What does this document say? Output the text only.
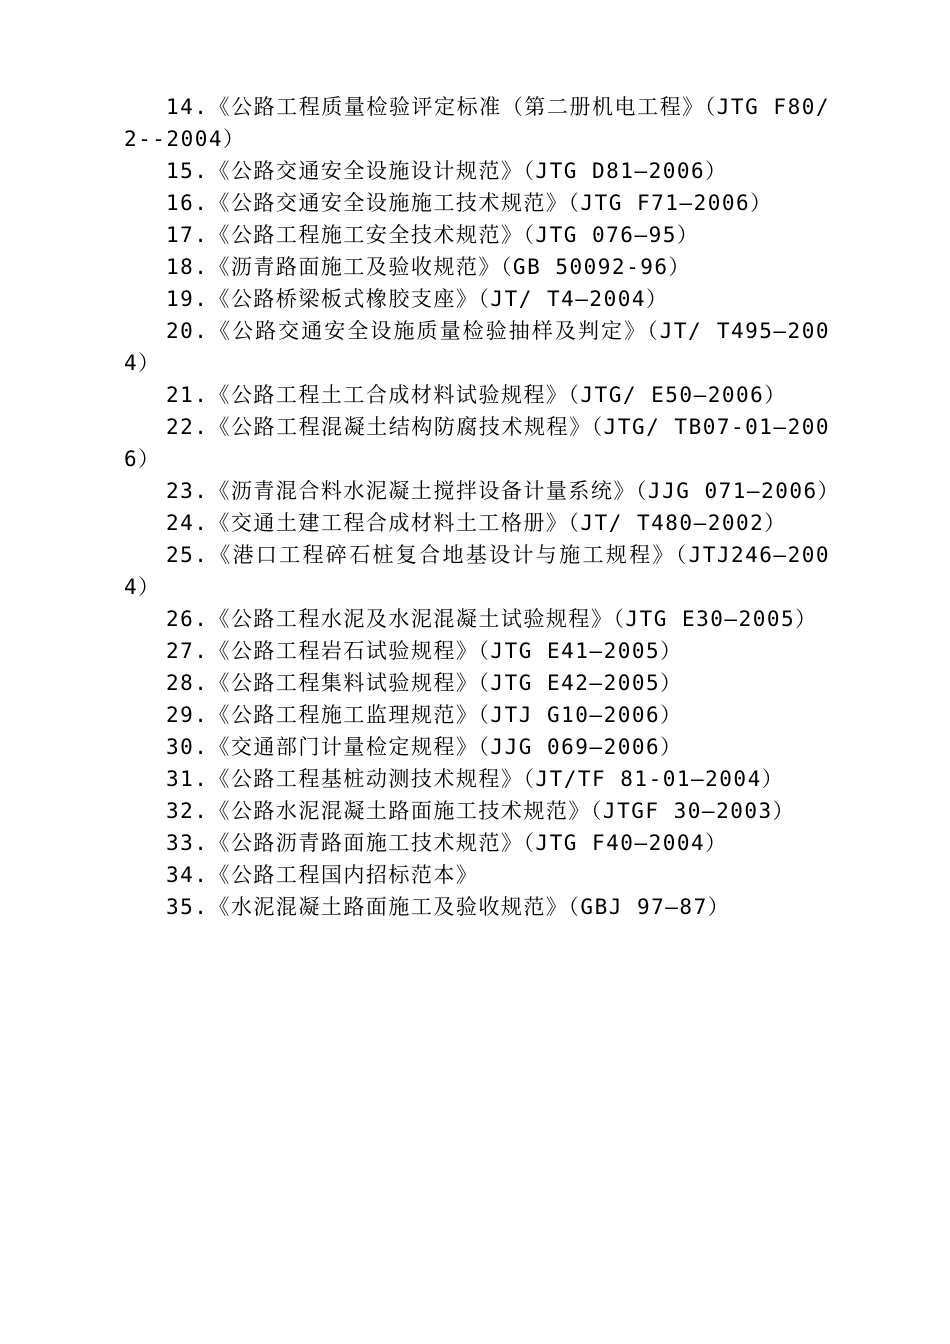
14.《公路工程质量检验评定标准（第二册机电工程》（JTG F80/2--2004）

15.《公路交通安全设施设计规范》（JTG D81—2006）

16.《公路交通安全设施施工技术规范》（JTG F71—2006）

17.《公路工程施工安全技术规范》（JTG 076—95）

18.《沥青路面施工及验收规范》（GB 50092-96）

19.《公路桥梁板式橡胶支座》（JT/ T4—2004）

20.《公路交通安全设施质量检验抽样及判定》（JT/ T495—2004）

21.《公路工程土工合成材料试验规程》（JTG/ E50—2006）

22.《公路工程混凝土结构防腐技术规程》（JTG/ TB07-01—2006）

23.《沥青混合料水泥凝土搅拌设备计量系统》（JJG 071—2006）

24.《交通土建工程合成材料土工格册》（JT/ T480—2002）

25.《港口工程碎石桩复合地基设计与施工规程》（JTJ246—2004）

26.《公路工程水泥及水泥混凝土试验规程》（JTG E30—2005）

27.《公路工程岩石试验规程》（JTG E41—2005）

28.《公路工程集料试验规程》（JTG E42—2005）

29.《公路工程施工监理规范》（JTJ G10—2006）

30.《交通部门计量检定规程》（JJG 069—2006）

31.《公路工程基桩动测技术规程》（JT/TF 81-01—2004）

32.《公路水泥混凝土路面施工技术规范》（JTGF 30—2003）

33.《公路沥青路面施工技术规范》（JTG F40—2004）

34.《公路工程国内招标范本》

35.《水泥混凝土路面施工及验收规范》（GBJ 97—87）
